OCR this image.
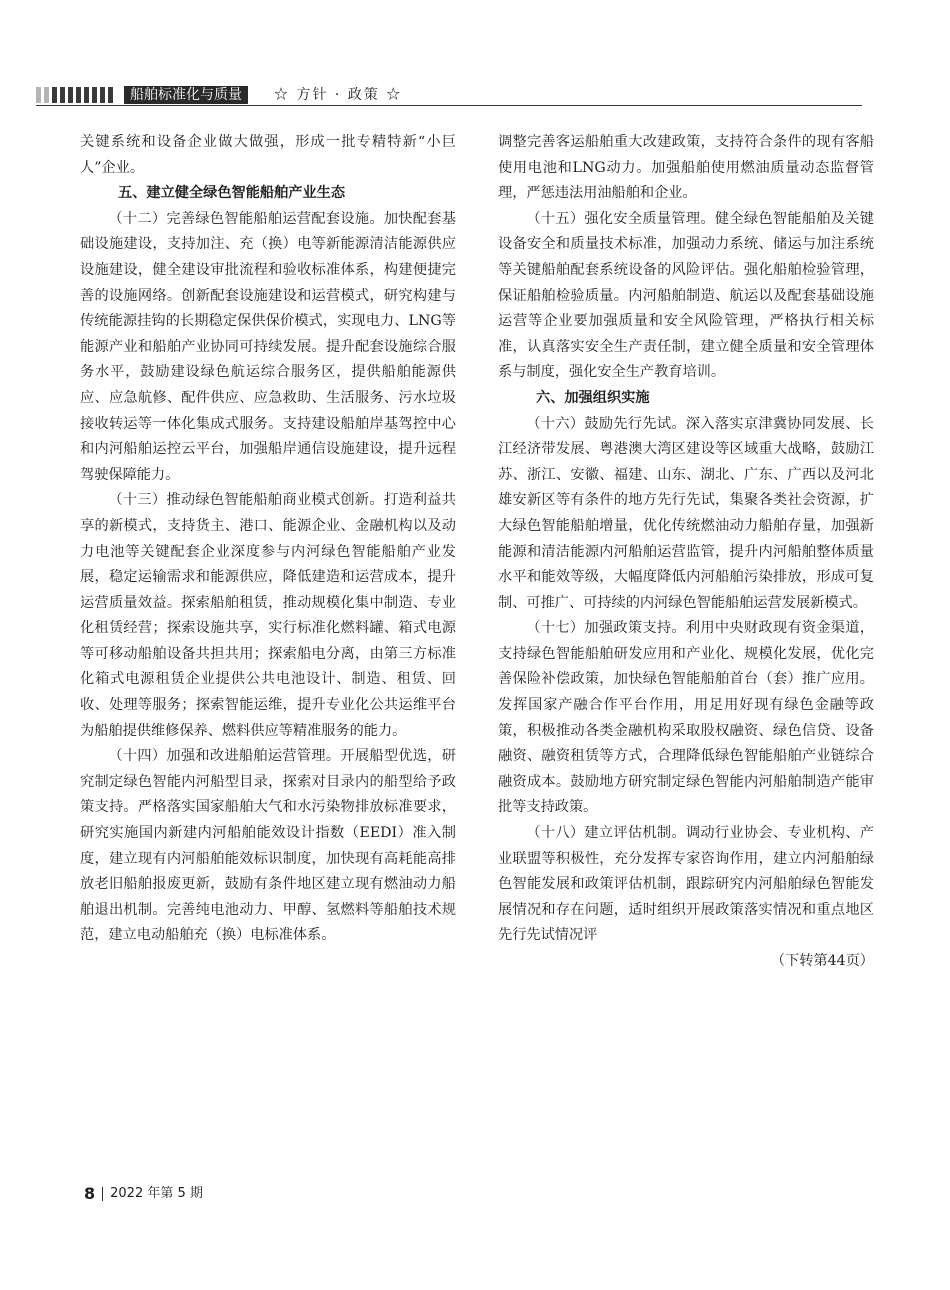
船舶标准化与质量	☆ 方针 · 政策 ☆

关键系统和设备企业做大做强，形成一批专精特新“小巨人”企业。

五、建立健全绿色智能船舶产业生态

（十二）完善绿色智能船舶运营配套设施。加快配套基础设施建设，支持加注、充（换）电等新能源清洁能源供应设施建设，健全建设审批流程和验收标准体系，构建便捷完善的设施网络。创新配套设施建设和运营模式，研究构建与传统能源挂钩的长期稳定保供保价模式，实现电力、LNG等能源产业和船舶产业协同可持续发展。提升配套设施综合服务水平，鼓励建设绿色航运综合服务区，提供船舶能源供应、应急航修、配件供应、应急救助、生活服务、污水垃圾接收转运等一体化集成式服务。支持建设船舶岸基驾控中心和内河船舶运控云平台，加强船岸通信设施建设，提升远程驾驶保障能力。

（十三）推动绿色智能船舶商业模式创新。打造利益共享的新模式，支持货主、港口、能源企业、金融机构以及动力电池等关键配套企业深度参与内河绿色智能船舶产业发展，稳定运输需求和能源供应，降低建造和运营成本，提升运营质量效益。探索船舶租赁，推动规模化集中制造、专业化租赁经营；探索设施共享，实行标准化燃料罐、箱式电源等可移动船舶设备共担共用；探索船电分离，由第三方标准化箱式电源租赁企业提供公共电池设计、制造、租赁、回收、处理等服务；探索智能运维，提升专业化公共运维平台为船舶提供维修保养、燃料供应等精准服务的能力。

（十四）加强和改进船舶运营管理。开展船型优选，研究制定绿色智能内河船型目录，探索对目录内的船型给予政策支持。严格落实国家船舶大气和水污染物排放标准要求，研究实施国内新建内河船舶能效设计指数（EEDI）准入制度，建立现有内河船舶能效标识制度，加快现有高耗能高排放老旧船舶报废更新，鼓励有条件地区建立现有燃油动力船舶退出机制。完善纯电池动力、甲醇、氢燃料等船舶技术规范，建立电动船舶充（换）电标准体系。

调整完善客运船舶重大改建政策，支持符合条件的现有客船使用电池和LNG动力。加强船舶使用燃油质量动态监督管理，严惩违法用油船舶和企业。

（十五）强化安全质量管理。健全绿色智能船舶及关键设备安全和质量技术标准，加强动力系统、储运与加注系统等关键船舶配套系统设备的风险评估。强化船舶检验管理，保证船舶检验质量。内河船舶制造、航运以及配套基础设施运营等企业要加强质量和安全风险管理，严格执行相关标准，认真落实安全生产责任制，建立健全质量和安全管理体系与制度，强化安全生产教育培训。

六、加强组织实施

（十六）鼓励先行先试。深入落实京津冀协同发展、长江经济带发展、粤港澳大湾区建设等区域重大战略，鼓励江苏、浙江、安徽、福建、山东、湖北、广东、广西以及河北雄安新区等有条件的地方先行先试，集聚各类社会资源，扩大绿色智能船舶增量，优化传统燃油动力船舶存量，加强新能源和清洁能源内河船舶运营监管，提升内河船舶整体质量水平和能效等级，大幅度降低内河船舶污染排放，形成可复制、可推广、可持续的内河绿色智能船舶运营发展新模式。

（十七）加强政策支持。利用中央财政现有资金渠道，支持绿色智能船舶研发应用和产业化、规模化发展，优化完善保险补偿政策，加快绿色智能船舶首台（套）推广应用。发挥国家产融合作平台作用，用足用好现有绿色金融等政策，积极推动各类金融机构采取股权融资、绿色信贷、设备融资、融资租赁等方式，合理降低绿色智能船舶产业链综合融资成本。鼓励地方研究制定绿色智能内河船舶制造产能审批等支持政策。

（十八）建立评估机制。调动行业协会、专业机构、产业联盟等积极性，充分发挥专家咨询作用，建立内河船舶绿色智能发展和政策评估机制，跟踪研究内河船舶绿色智能发展情况和存在问题，适时组织开展政策落实情况和重点地区先行先试情况评

（下转第44页）

8 2022 年第 5 期
